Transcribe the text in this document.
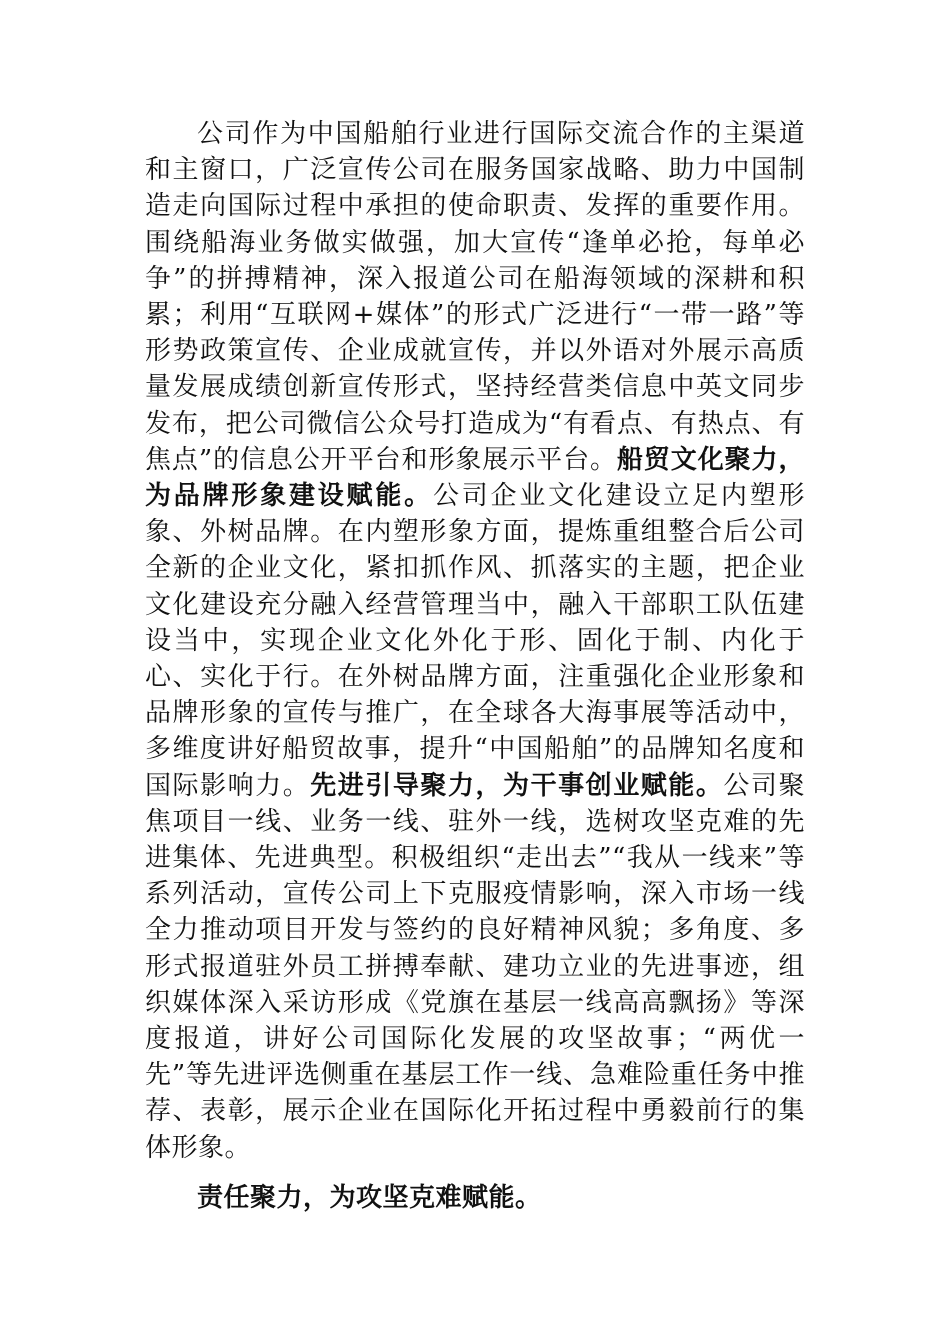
公司作为中国船舶行业进行国际交流合作的主渠道和主窗口，广泛宣传公司在服务国家战略、助力中国制造走向国际过程中承担的使命职责、发挥的重要作用。围绕船海业务做实做强，加大宣传“逢单必抢，每单必争”的拼搏精神，深入报道公司在船海领域的深耕和积累；利用“互联网+媒体”的形式广泛进行“一带一路”等形势政策宣传、企业成就宣传，并以外语对外展示高质量发展成绩创新宣传形式，坚持经营类信息中英文同步发布，把公司微信公众号打造成为“有看点、有热点、有焦点”的信息公开平台和形象展示平台。船贸文化聚力，为品牌形象建设赋能。公司企业文化建设立足内塑形象、外树品牌。在内塑形象方面，提炼重组整合后公司全新的企业文化，紧扣抓作风、抓落实的主题，把企业文化建设充分融入经营管理当中，融入干部职工队伍建设当中，实现企业文化外化于形、固化于制、内化于心、实化于行。在外树品牌方面，注重强化企业形象和品牌形象的宣传与推广，在全球各大海事展等活动中，多维度讲好船贸故事，提升“中国船舶”的品牌知名度和国际影响力。先进引导聚力，为干事创业赋能。公司聚焦项目一线、业务一线、驻外一线，选树攻坚克难的先进集体、先进典型。积极组织“走出去”“我从一线来”等系列活动，宣传公司上下克服疫情影响，深入市场一线全力推动项目开发与签约的良好精神风貌；多角度、多形式报道驻外员工拼搏奉献、建功立业的先进事迹，组织媒体深入采访形成《党旗在基层一线高高飘扬》等深度报道，讲好公司国际化发展的攻坚故事；“两优一先”等先进评选侧重在基层工作一线、急难险重任务中推荐、表彰，展示企业在国际化开拓过程中勇毅前行的集体形象。

责任聚力，为攻坚克难赋能。
